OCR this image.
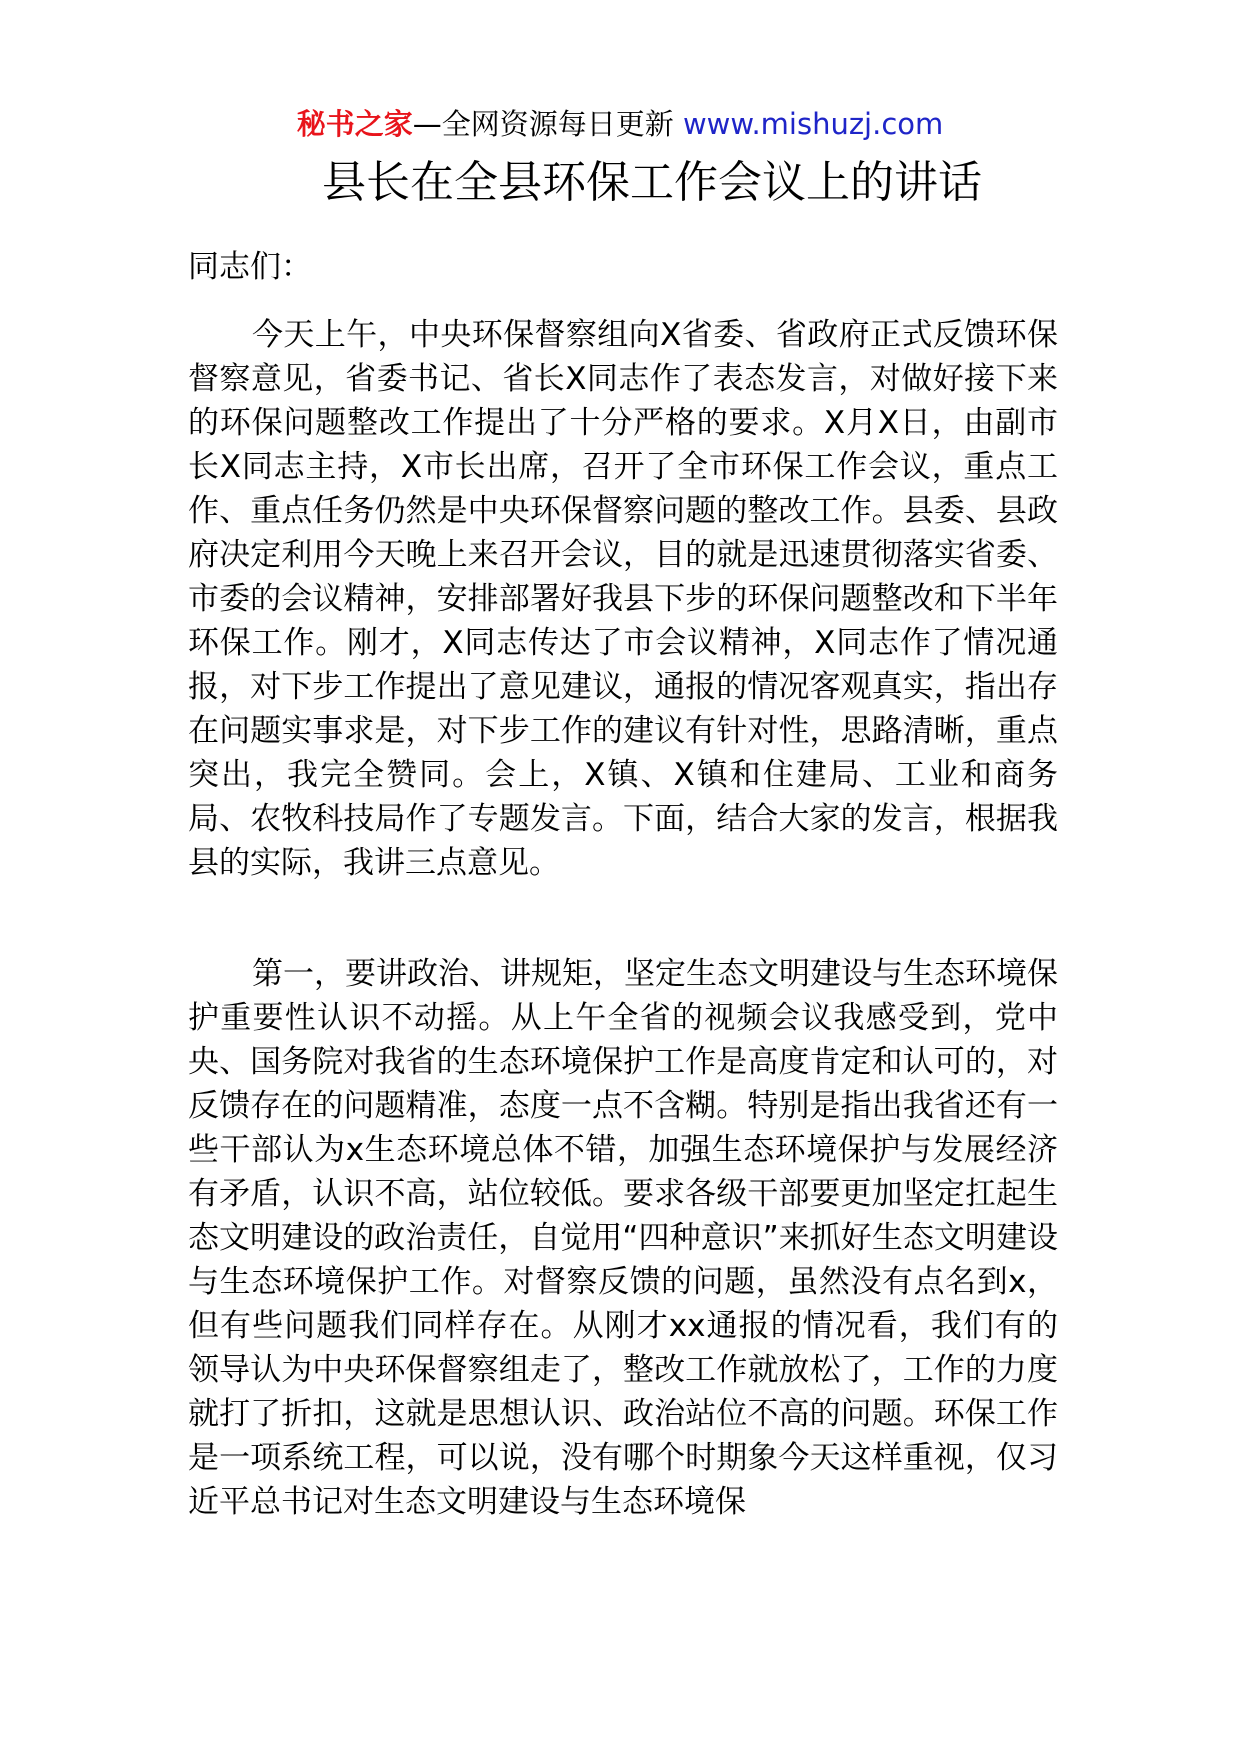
秘书之家—全网资源每日更新 www.mishuzj.com
县长在全县环保工作会议上的讲话

同志们：

今天上午，中央环保督察组向X省委、省政府正式反馈环保督察意见，省委书记、省长X同志作了表态发言，对做好接下来的环保问题整改工作提出了十分严格的要求。X月X日，由副市长X同志主持，X市长出席，召开了全市环保工作会议，重点工作、重点任务仍然是中央环保督察问题的整改工作。县委、县政府决定利用今天晚上来召开会议，目的就是迅速贯彻落实省委、市委的会议精神，安排部署好我县下步的环保问题整改和下半年环保工作。刚才，X同志传达了市会议精神，X同志作了情况通报，对下步工作提出了意见建议，通报的情况客观真实，指出存在问题实事求是，对下步工作的建议有针对性，思路清晰，重点突出，我完全赞同。会上，X镇、X镇和住建局、工业和商务局、农牧科技局作了专题发言。下面，结合大家的发言，根据我县的实际，我讲三点意见。

第一，要讲政治、讲规矩，坚定生态文明建设与生态环境保护重要性认识不动摇。从上午全省的视频会议我感受到，党中央、国务院对我省的生态环境保护工作是高度肯定和认可的，对反馈存在的问题精准，态度一点不含糊。特别是指出我省还有一些干部认为x生态环境总体不错，加强生态环境保护与发展经济有矛盾，认识不高，站位较低。要求各级干部要更加坚定扛起生态文明建设的政治责任，自觉用“四种意识”来抓好生态文明建设与生态环境保护工作。对督察反馈的问题，虽然没有点名到x，但有些问题我们同样存在。从刚才xx通报的情况看，我们有的领导认为中央环保督察组走了，整改工作就放松了，工作的力度就打了折扣，这就是思想认识、政治站位不高的问题。环保工作是一项系统工程，可以说，没有哪个时期象今天这样重视，仅习近平总书记对生态文明建设与生态环境保
